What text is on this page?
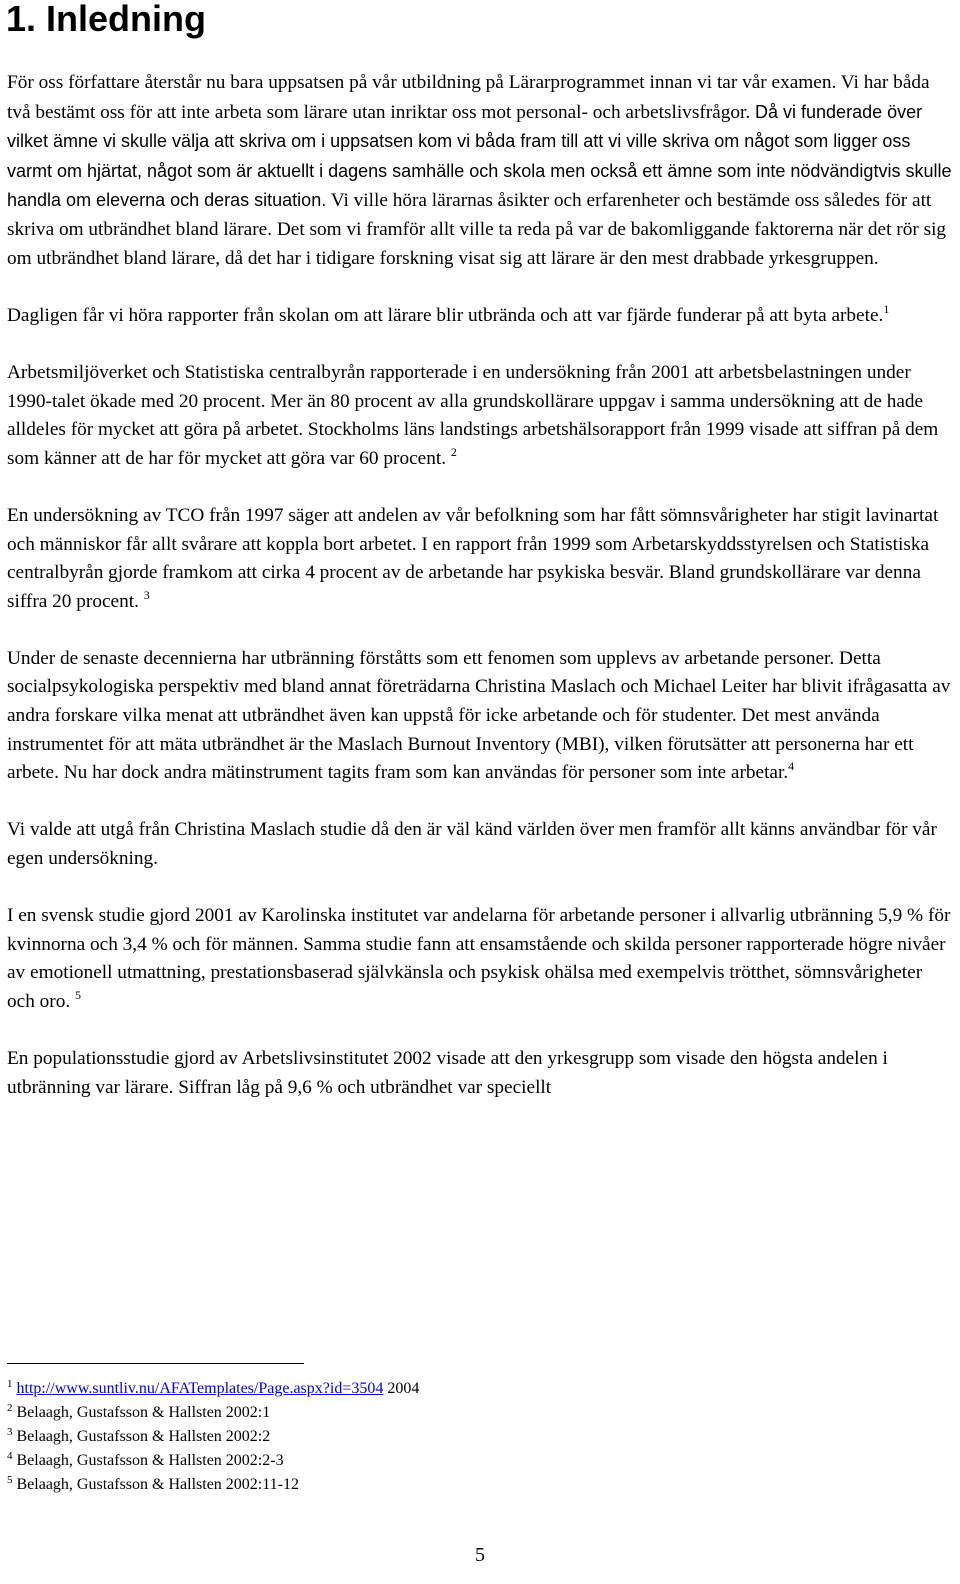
1. Inledning

För oss författare återstår nu bara uppsatsen på vår utbildning på Lärarprogrammet innan vi tar vår examen. Vi har båda två bestämt oss för att inte arbeta som lärare utan inriktar oss mot personal- och arbetslivsfrågor. Då vi funderade över vilket ämne vi skulle välja att skriva om i uppsatsen kom vi båda fram till att vi ville skriva om något som ligger oss varmt om hjärtat, något som är aktuellt i dagens samhälle och skola men också ett ämne som inte nödvändigtvis skulle handla om eleverna och deras situation. Vi ville höra lärarnas åsikter och erfarenheter och bestämde oss således för att skriva om utbrändhet bland lärare. Det som vi framför allt ville ta reda på var de bakomliggande faktorerna när det rör sig om utbrändhet bland lärare, då det har i tidigare forskning visat sig att lärare är den mest drabbade yrkesgruppen.

Dagligen får vi höra rapporter från skolan om att lärare blir utbrända och att var fjärde funderar på att byta arbete.$^1$

Arbetsmiljöverket och Statistiska centralbyrån rapporterade i en undersökning från 2001 att arbetsbelastningen under 1990-talet ökade med 20 procent. Mer än 80 procent av alla grundskollärare uppgav i samma undersökning att de hade alldeles för mycket att göra på arbetet. Stockholms läns landstings arbetshälsorapport från 1999 visade att siffran på dem som känner att de har för mycket att göra var 60 procent. $^2$

En undersökning av TCO från 1997 säger att andelen av vår befolkning som har fått sömnsvårigheter har stigit lavinartat och människor får allt svårare att koppla bort arbetet. I en rapport från 1999 som Arbetarskyddsstyrelsen och Statistiska centralbyrån gjorde framkom att cirka 4 procent av de arbetande har psykiska besvär. Bland grundskollärare var denna siffra 20 procent. $^3$

Under de senaste decennierna har utbränning förståtts som ett fenomen som upplevs av arbetande personer. Detta socialpsykologiska perspektiv med bland annat företrädarna Christina Maslach och Michael Leiter har blivit ifrågasatta av andra forskare vilka menat att utbrändhet även kan uppstå för icke arbetande och för studenter. Det mest använda instrumentet för att mäta utbrändhet är the Maslach Burnout Inventory (MBI), vilken förutsätter att personerna har ett arbete. Nu har dock andra mätinstrument tagits fram som kan användas för personer som inte arbetar.$^4$

Vi valde att utgå från Christina Maslach studie då den är väl känd världen över men framför allt känns användbar för vår egen undersökning.

I en svensk studie gjord 2001 av Karolinska institutet var andelarna för arbetande personer i allvarlig utbränning 5,9 % för kvinnorna och 3,4 % och för männen. Samma studie fann att ensamstående och skilda personer rapporterade högre nivåer av emotionell utmattning, prestationsbaserad självkänsla och psykisk ohälsa med exempelvis trötthet, sömnsvårigheter och oro. $^5$

En populationsstudie gjord av Arbetslivsinstitutet 2002 visade att den yrkesgrupp som visade den högsta andelen i utbränning var lärare. Siffran låg på 9,6 % och utbrändhet var speciellt

$^1$ http://www.suntliv.nu/AFATemplates/Page.aspx?id=3504 2004
$^2$ Belaagh, Gustafsson & Hallsten 2002:1
$^3$ Belaagh, Gustafsson & Hallsten 2002:2
$^4$ Belaagh, Gustafsson & Hallsten 2002:2-3
$^5$ Belaagh, Gustafsson & Hallsten 2002:11-12
5
